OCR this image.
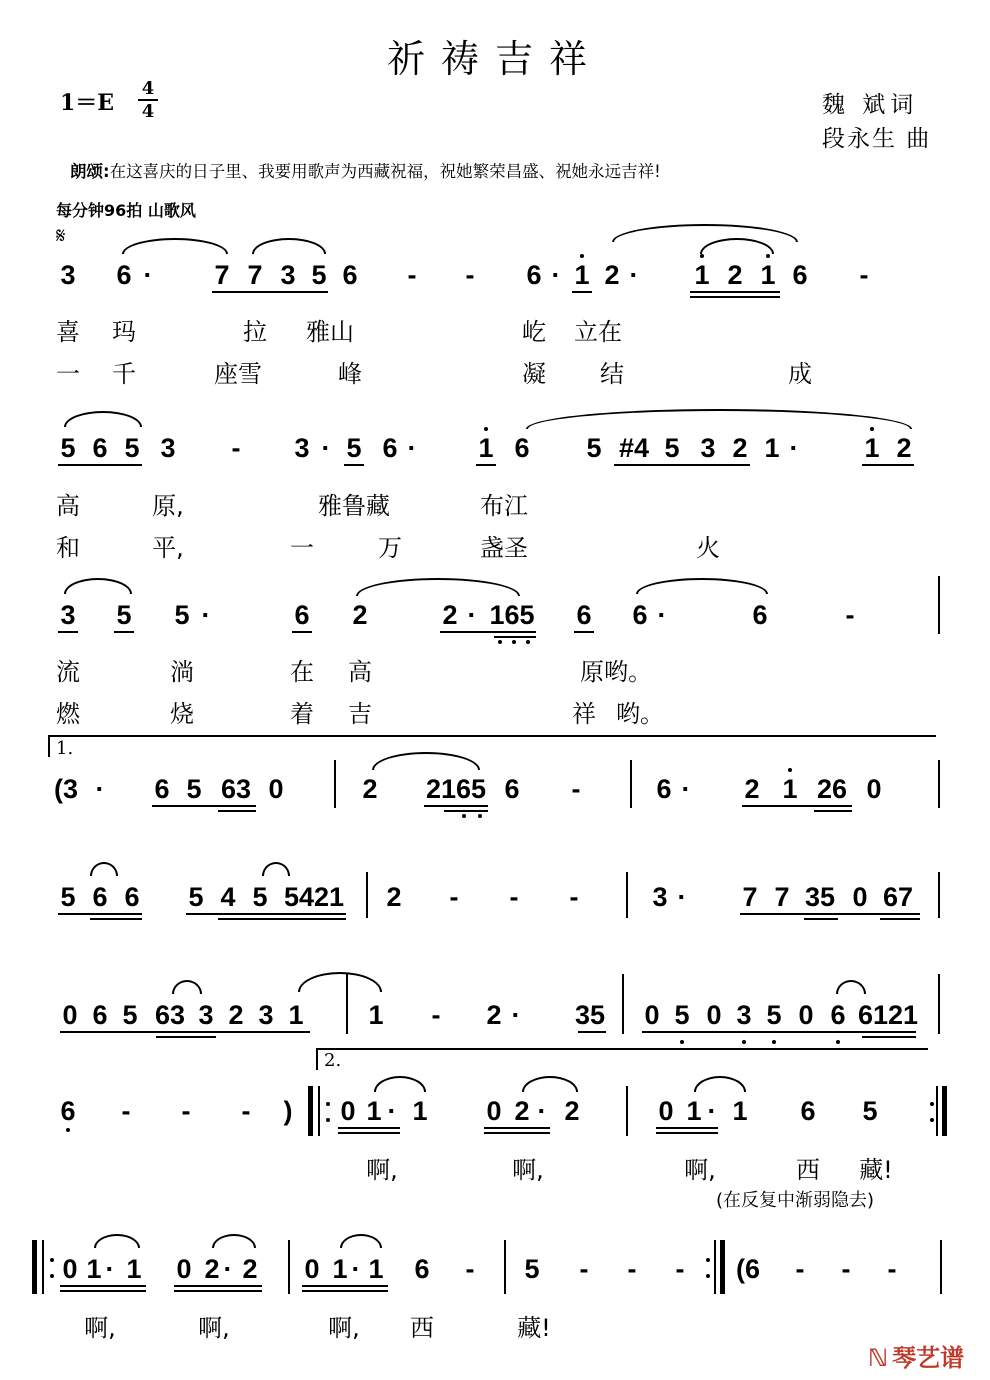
祈祷吉祥
$1=E \frac{4}{4}$	魏 斌词
段永生 曲
朗颂:在这喜庆的日子里、我要用歌声为西藏祝福，祝她繁荣昌盛、祝她永远吉祥!
每分钟96拍 山歌风
𝄋
3 6 · 7 7 3 5 6 - - 6 · 1 2 · 1 2 1 6 -
喜 玛	拉 雅山	屹 立在
一 千	座雪	峰	凝 结	成
5 6 5 3 - 3 · 5 6 · 1 6 5 #4 5 3 2 1 · 1 2
高	原,	雅鲁藏	布江
和	平,	一	万	盏圣	火
3 5 5 ·	6 2	2 · 165 6 6 ·	6	-
流	淌	在 高	原哟。
燃	烧	着 吉	祥 哟。
1.
(3 · 6 5 63 0	2 2165 6 -	6 · 2 1 26 0
5 6 6 5 4 5 5421 2 - - -	3 · 7 7 35 0 67
0 6 5 63 3 2 3 1 1 - 2 · 35 0 5 0 3 5 0 6 6121
2.
6 - - - ) 0 1 · 1 0 2 · 2	0 1 · 1 6 5
啊,	啊,	啊,	西 藏!
(在反复中渐弱隐去)
0 1 · 1 0 2 · 2 0 1 · 1 6 - 5 - - - (6 - - -
啊,	啊,	啊, 西	藏!
ℕ 琴艺谱
